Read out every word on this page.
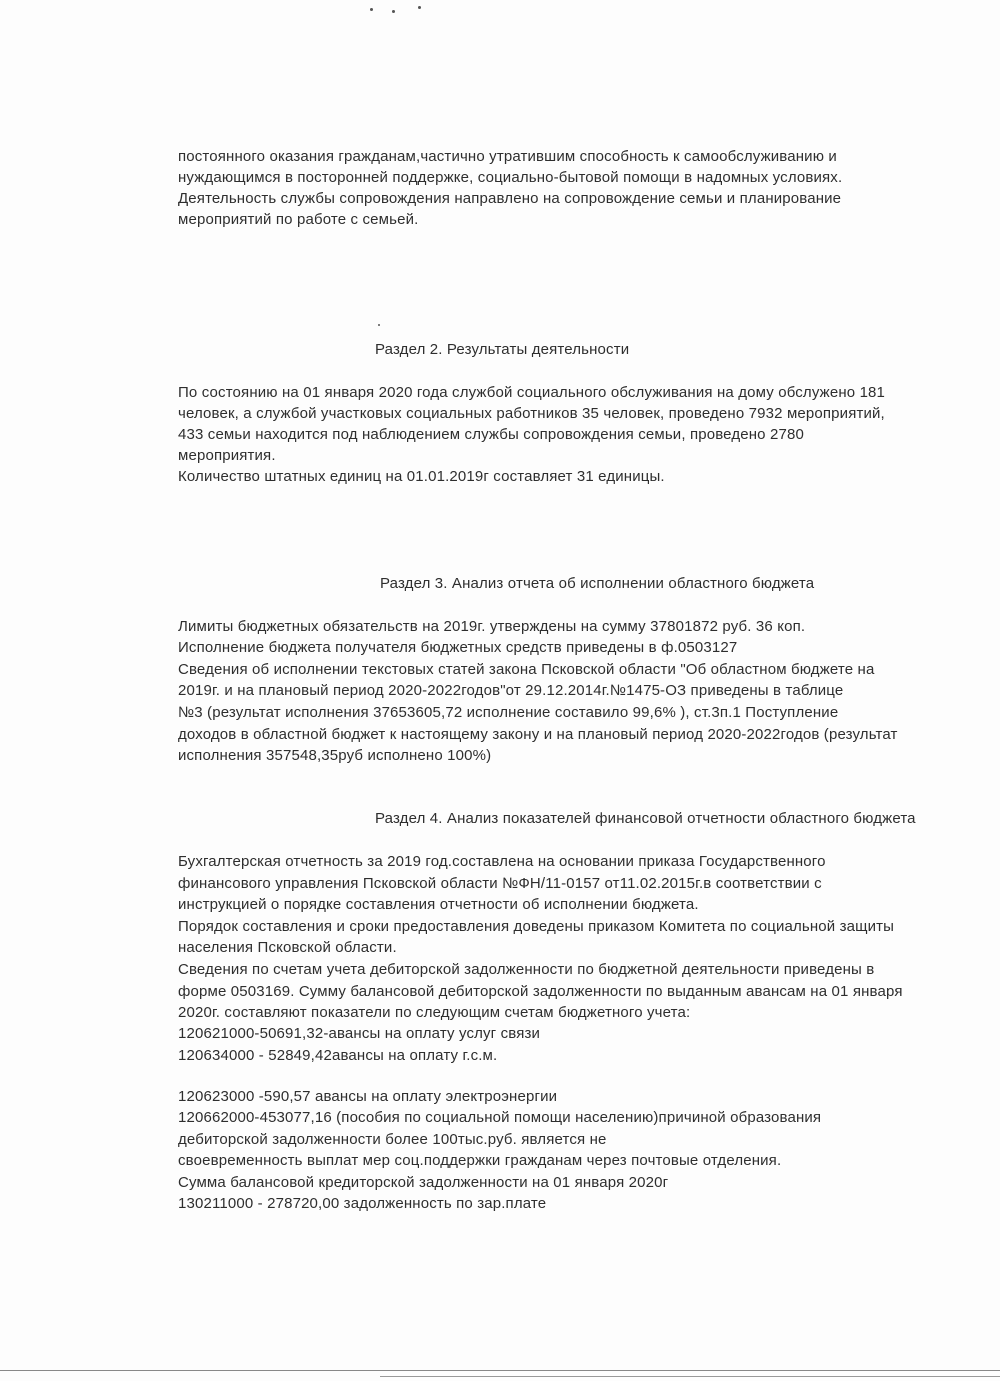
постоянного оказания гражданам,частично утратившим способность к самообслуживанию и
нуждающимся в посторонней поддержке, социально-бытовой помощи в надомных условиях.
Деятельность службы сопровождения направлено на сопровождение семьи и планирование
мероприятий по работе с семьей.
Раздел 2. Результаты деятельности
По состоянию на 01 января 2020 года службой социального обслуживания на дому обслужено 181
человек, а службой участковых социальных работников 35 человек, проведено 7932 мероприятий,
433 семьи находится под наблюдением службы сопровождения семьи, проведено 2780
мероприятия.
Количество штатных единиц на 01.01.2019г составляет 31 единицы.
Раздел 3. Анализ отчета об исполнении областного бюджета
Лимиты бюджетных обязательств на 2019г. утверждены на сумму 37801872 руб. 36 коп.
Исполнение бюджета получателя бюджетных средств приведены в ф.0503127
Сведения об исполнении текстовых статей закона Псковской области "Об областном бюджете на
2019г. и на плановый период 2020-2022годов"от 29.12.2014г.№1475-ОЗ приведены в таблице
№3 (результат исполнения 37653605,72 исполнение составило 99,6% ), ст.3п.1 Поступление
доходов в областной бюджет к настоящему закону и на плановый период 2020-2022годов (результат
исполнения 357548,35руб исполнено 100%)
Раздел 4. Анализ показателей финансовой отчетности областного бюджета
Бухгалтерская отчетность за 2019 год.составлена на основании приказа Государственного
финансового управления Псковской области №ФН/11-0157 от11.02.2015г.в соответствии с
инструкцией о порядке составления отчетности об исполнении бюджета.
Порядок составления и сроки предоставления доведены приказом Комитета по социальной защиты
населения Псковской области.
Сведения по счетам учета дебиторской задолженности по бюджетной деятельности приведены в
форме 0503169. Сумму балансовой дебиторской задолженности по выданным авансам на 01 января
2020г. составляют показатели по следующим счетам бюджетного учета:
120621000-50691,32-авансы на оплату услуг связи
120634000 - 52849,42авансы на оплату г.с.м.
120623000 -590,57 авансы на оплату электроэнергии
120662000-453077,16 (пособия по социальной помощи населению)причиной образования
дебиторской задолженности более 100тыс.руб. является не
своевременность выплат мер соц.поддержки гражданам через почтовые отделения.
Сумма балансовой кредиторской задолженности на 01 января 2020г
130211000 - 278720,00 задолженность по зар.плате
